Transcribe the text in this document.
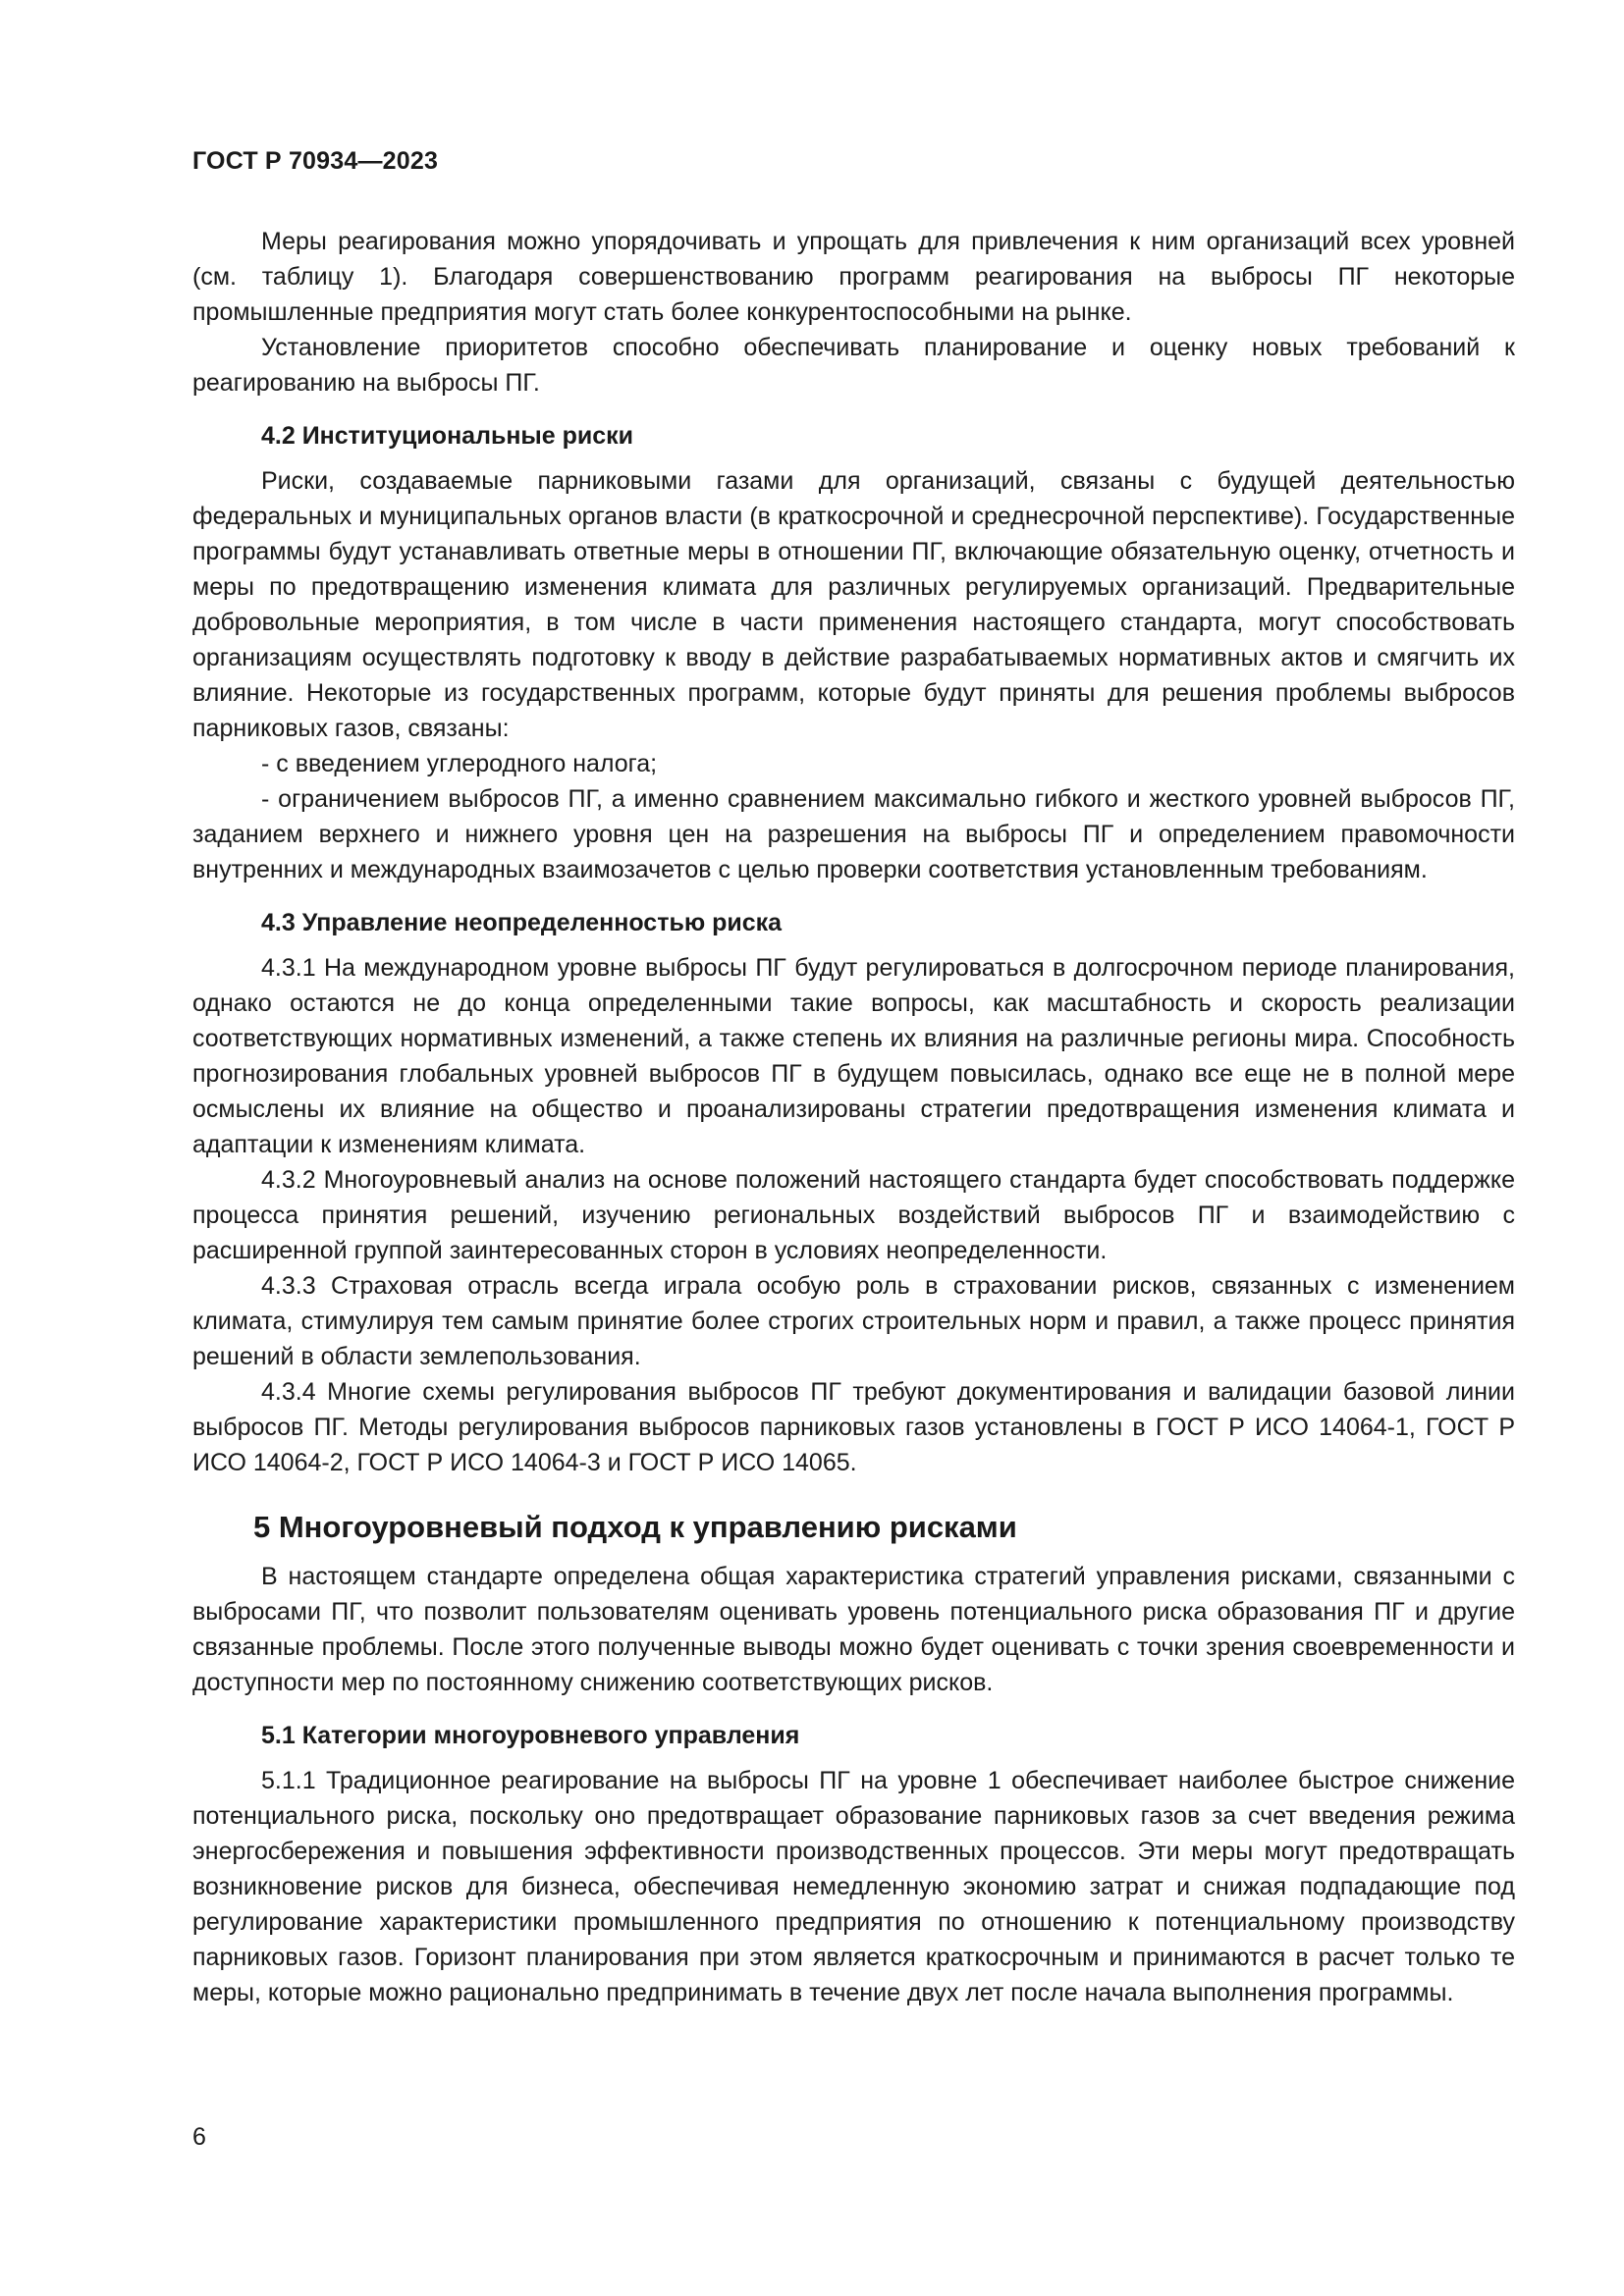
ГОСТ Р 70934—2023

Меры реагирования можно упорядочивать и упрощать для привлечения к ним организаций всех уровней (см. таблицу 1). Благодаря совершенствованию программ реагирования на выбросы ПГ некоторые промышленные предприятия могут стать более конкурентоспособными на рынке.

Установление приоритетов способно обеспечивать планирование и оценку новых требований к реагированию на выбросы ПГ.

4.2 Институциональные риски

Риски, создаваемые парниковыми газами для организаций, связаны с будущей деятельностью федеральных и муниципальных органов власти (в краткосрочной и среднесрочной перспективе). Государственные программы будут устанавливать ответные меры в отношении ПГ, включающие обязательную оценку, отчетность и меры по предотвращению изменения климата для различных регулируемых организаций. Предварительные добровольные мероприятия, в том числе в части применения настоящего стандарта, могут способствовать организациям осуществлять подготовку к вводу в действие разрабатываемых нормативных актов и смягчить их влияние. Некоторые из государственных программ, которые будут приняты для решения проблемы выбросов парниковых газов, связаны:

- с введением углеродного налога;

- ограничением выбросов ПГ, а именно сравнением максимально гибкого и жесткого уровней выбросов ПГ, заданием верхнего и нижнего уровня цен на разрешения на выбросы ПГ и определением правомочности внутренних и международных взаимозачетов с целью проверки соответствия установленным требованиям.

4.3 Управление неопределенностью риска

4.3.1 На международном уровне выбросы ПГ будут регулироваться в долгосрочном периоде планирования, однако остаются не до конца определенными такие вопросы, как масштабность и скорость реализации соответствующих нормативных изменений, а также степень их влияния на различные регионы мира. Способность прогнозирования глобальных уровней выбросов ПГ в будущем повысилась, однако все еще не в полной мере осмыслены их влияние на общество и проанализированы стратегии предотвращения изменения климата и адаптации к изменениям климата.

4.3.2 Многоуровневый анализ на основе положений настоящего стандарта будет способствовать поддержке процесса принятия решений, изучению региональных воздействий выбросов ПГ и взаимодействию с расширенной группой заинтересованных сторон в условиях неопределенности.

4.3.3 Страховая отрасль всегда играла особую роль в страховании рисков, связанных с изменением климата, стимулируя тем самым принятие более строгих строительных норм и правил, а также процесс принятия решений в области землепользования.

4.3.4 Многие схемы регулирования выбросов ПГ требуют документирования и валидации базовой линии выбросов ПГ. Методы регулирования выбросов парниковых газов установлены в ГОСТ Р ИСО 14064-1, ГОСТ Р ИСО 14064-2, ГОСТ Р ИСО 14064-3 и ГОСТ Р ИСО 14065.

5 Многоуровневый подход к управлению рисками

В настоящем стандарте определена общая характеристика стратегий управления рисками, связанными с выбросами ПГ, что позволит пользователям оценивать уровень потенциального риска образования ПГ и другие связанные проблемы. После этого полученные выводы можно будет оценивать с точки зрения своевременности и доступности мер по постоянному снижению соответствующих рисков.

5.1 Категории многоуровневого управления

5.1.1 Традиционное реагирование на выбросы ПГ на уровне 1 обеспечивает наиболее быстрое снижение потенциального риска, поскольку оно предотвращает образование парниковых газов за счет введения режима энергосбережения и повышения эффективности производственных процессов. Эти меры могут предотвращать возникновение рисков для бизнеса, обеспечивая немедленную экономию затрат и снижая подпадающие под регулирование характеристики промышленного предприятия по отношению к потенциальному производству парниковых газов. Горизонт планирования при этом является краткосрочным и принимаются в расчет только те меры, которые можно рационально предпринимать в течение двух лет после начала выполнения программы.

6
